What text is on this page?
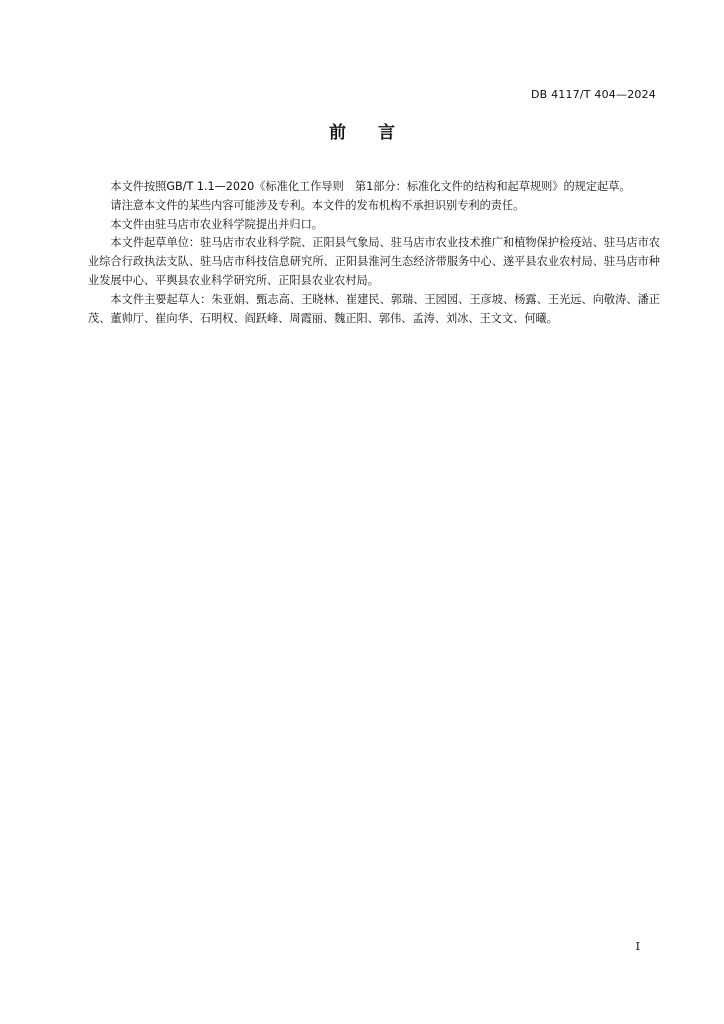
DB 4117/T 404—2024
前言

本文件按照GB/T 1.1—2020《标准化工作导则　第1部分：标准化文件的结构和起草规则》的规定起草。

请注意本文件的某些内容可能涉及专利。本文件的发布机构不承担识别专利的责任。

本文件由驻马店市农业科学院提出并归口。

本文件起草单位：驻马店市农业科学院、正阳县气象局、驻马店市农业技术推广和植物保护检疫站、驻马店市农业综合行政执法支队、驻马店市科技信息研究所、正阳县淮河生态经济带服务中心、遂平县农业农村局、驻马店市种业发展中心、平舆县农业科学研究所、正阳县农业农村局。

本文件主要起草人：朱亚娟、甄志高、王晓林、崔建民、郭瑞、王园园、王彦坡、杨露、王光远、向敬涛、潘正茂、董帅厅、崔向华、石明权、阎跃峰、周霞丽、魏正阳、郭伟、孟涛、刘冰、王文文、何曦。

I
